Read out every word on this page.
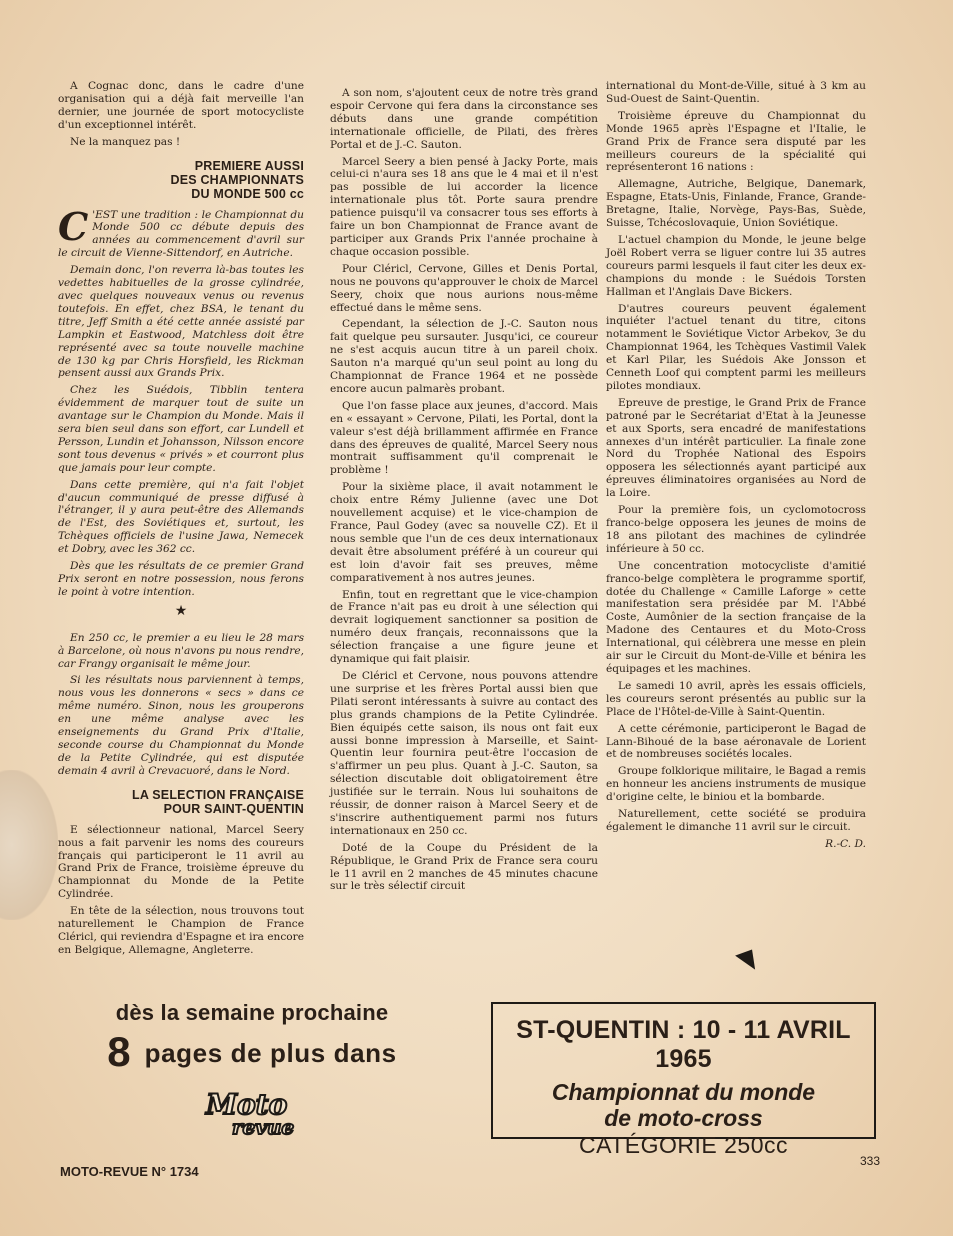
A Cognac donc, dans le cadre d'une organisation qui a déjà fait merveille l'an dernier, une journée de sport motocycliste d'un exceptionnel intérêt.

Ne la manquez pas !

PREMIERE AUSSI
DES CHAMPIONNATS
DU MONDE 500 cc

C 'EST une tradition : le Championnat du Monde 500 cc débute depuis des années au commencement d'avril sur le circuit de Vienne-Sittendorf, en Autriche.

Demain donc, l'on reverra là-bas toutes les vedettes habituelles de la grosse cylindrée, avec quelques nouveaux venus ou revenus toutefois. En effet, chez BSA, le tenant du titre, Jeff Smith a été cette année assisté par Lampkin et Eastwood, Matchless doit être représenté avec sa toute nouvelle machine de 130 kg par Chris Horsfield, les Rickman pensent aussi aux Grands Prix.

Chez les Suédois, Tibblin tentera évidemment de marquer tout de suite un avantage sur le Champion du Monde. Mais il sera bien seul dans son effort, car Lundell et Persson, Lundin et Johansson, Nilsson encore sont tous devenus « privés » et courront plus que jamais pour leur compte.

Dans cette première, qui n'a fait l'objet d'aucun communiqué de presse diffusé à l'étranger, il y aura peut-être des Allemands de l'Est, des Soviétiques et, surtout, les Tchèques officiels de l'usine Jawa, Nemecek et Dobry, avec les 362 cc.

Dès que les résultats de ce premier Grand Prix seront en notre possession, nous ferons le point à votre intention.

★

En 250 cc, le premier a eu lieu le 28 mars à Barcelone, où nous n'avons pu nous rendre, car Frangy organisait le même jour.

Si les résultats nous parviennent à temps, nous vous les donnerons « secs » dans ce même numéro. Sinon, nous les grouperons en une même analyse avec les enseignements du Grand Prix d'Italie, seconde course du Championnat du Monde de la Petite Cylindrée, qui est disputée demain 4 avril à Crevacuoré, dans le Nord.

LA SELECTION FRANÇAISE
POUR SAINT-QUENTIN

E sélectionneur national, Marcel Seery nous a fait parvenir les noms des coureurs français qui participeront le 11 avril au Grand Prix de France, troisième épreuve du Championnat du Monde de la Petite Cylindrée.

En tête de la sélection, nous trouvons tout naturellement le Champion de France Cléricl, qui reviendra d'Espagne et ira encore en Belgique, Allemagne, Angleterre.

A son nom, s'ajoutent ceux de notre très grand espoir Cervone qui fera dans la circonstance ses débuts dans une grande compétition internationale officielle, de Pilati, des frères Portal et de J.-C. Sauton.

Marcel Seery a bien pensé à Jacky Porte, mais celui-ci n'aura ses 18 ans que le 4 mai et il n'est pas possible de lui accorder la licence internationale plus tôt. Porte saura prendre patience puisqu'il va consacrer tous ses efforts à faire un bon Championnat de France avant de participer aux Grands Prix l'année prochaine à chaque occasion possible.

Pour Cléricl, Cervone, Gilles et Denis Portal, nous ne pouvons qu'approuver le choix de Marcel Seery, choix que nous aurions nous-même effectué dans le même sens.

Cependant, la sélection de J.-C. Sauton nous fait quelque peu sursauter. Jusqu'ici, ce coureur ne s'est acquis aucun titre à un pareil choix. Sauton n'a marqué qu'un seul point au long du Championnat de France 1964 et ne possède encore aucun palmarès probant.

Que l'on fasse place aux jeunes, d'accord. Mais en « essayant » Cervone, Pilati, les Portal, dont la valeur s'est déjà brillamment affirmée en France dans des épreuves de qualité, Marcel Seery nous montrait suffisamment qu'il comprenait le problème !

Pour la sixième place, il avait notamment le choix entre Rémy Julienne (avec une Dot nouvellement acquise) et le vice-champion de France, Paul Godey (avec sa nouvelle CZ). Et il nous semble que l'un de ces deux internationaux devait être absolument préféré à un coureur qui est loin d'avoir fait ses preuves, même comparativement à nos autres jeunes.

Enfin, tout en regrettant que le vice-champion de France n'ait pas eu droit à une sélection qui devrait logiquement sanctionner sa position de numéro deux français, reconnaissons que la sélection française a une figure jeune et dynamique qui fait plaisir.

De Cléricl et Cervone, nous pouvons attendre une surprise et les frères Portal aussi bien que Pilati seront intéressants à suivre au contact des plus grands champions de la Petite Cylindrée. Bien équipés cette saison, ils nous ont fait eux aussi bonne impression à Marseille, et Saint-Quentin leur fournira peut-être l'occasion de s'affirmer un peu plus. Quant à J.-C. Sauton, sa sélection discutable doit obligatoirement être justifiée sur le terrain. Nous lui souhaitons de réussir, de donner raison à Marcel Seery et de s'inscrire authentiquement parmi nos futurs internationaux en 250 cc.

Doté de la Coupe du Président de la République, le Grand Prix de France sera couru le 11 avril en 2 manches de 45 minutes chacune sur le très sélectif circuit

international du Mont-de-Ville, situé à 3 km au Sud-Ouest de Saint-Quentin.

Troisième épreuve du Championnat du Monde 1965 après l'Espagne et l'Italie, le Grand Prix de France sera disputé par les meilleurs coureurs de la spécialité qui représenteront 16 nations :

Allemagne, Autriche, Belgique, Danemark, Espagne, Etats-Unis, Finlande, France, Grande-Bretagne, Italie, Norvège, Pays-Bas, Suède, Suisse, Tchécoslovaquie, Union Soviétique.

L'actuel champion du Monde, le jeune belge Joël Robert verra se liguer contre lui 35 autres coureurs parmi lesquels il faut citer les deux ex-champions du monde : le Suédois Torsten Hallman et l'Anglais Dave Bickers.

D'autres coureurs peuvent également inquiéter l'actuel tenant du titre, citons notamment le Soviétique Victor Arbekov, 3e du Championnat 1964, les Tchèques Vastimil Valek et Karl Pilar, les Suédois Ake Jonsson et Cenneth Loof qui comptent parmi les meilleurs pilotes mondiaux.

Epreuve de prestige, le Grand Prix de France patroné par le Secrétariat d'Etat à la Jeunesse et aux Sports, sera encadré de manifestations annexes d'un intérêt particulier. La finale zone Nord du Trophée National des Espoirs opposera les sélectionnés ayant participé aux épreuves éliminatoires organisées au Nord de la Loire.

Pour la première fois, un cyclomotocross franco-belge opposera les jeunes de moins de 18 ans pilotant des machines de cylindrée inférieure à 50 cc.

Une concentration motocycliste d'amitié franco-belge complètera le programme sportif, dotée du Challenge « Camille Laforge » cette manifestation sera présidée par M. l'Abbé Coste, Aumônier de la section française de la Madone des Centaures et du Moto-Cross International, qui célèbrera une messe en plein air sur le Circuit du Mont-de-Ville et bénira les équipages et les machines.

Le samedi 10 avril, après les essais officiels, les coureurs seront présentés au public sur la Place de l'Hôtel-de-Ville à Saint-Quentin.

A cette cérémonie, participeront le Bagad de Lann-Bihoué de la base aéronavale de Lorient et de nombreuses sociétés locales.

Groupe folklorique militaire, le Bagad a remis en honneur les anciens instruments de musique d'origine celte, le biniou et la bombarde.

Naturellement, cette société se produira également le dimanche 11 avril sur le circuit.

R.-C. D.

dès la semaine prochaine
8 pages de plus dans
Moto
revue
ST-QUENTIN : 10 - 11 AVRIL 1965
Championnat du monde
de moto-cross
CATÉGORIE 250cc
MOTO-REVUE N° 1734
333
